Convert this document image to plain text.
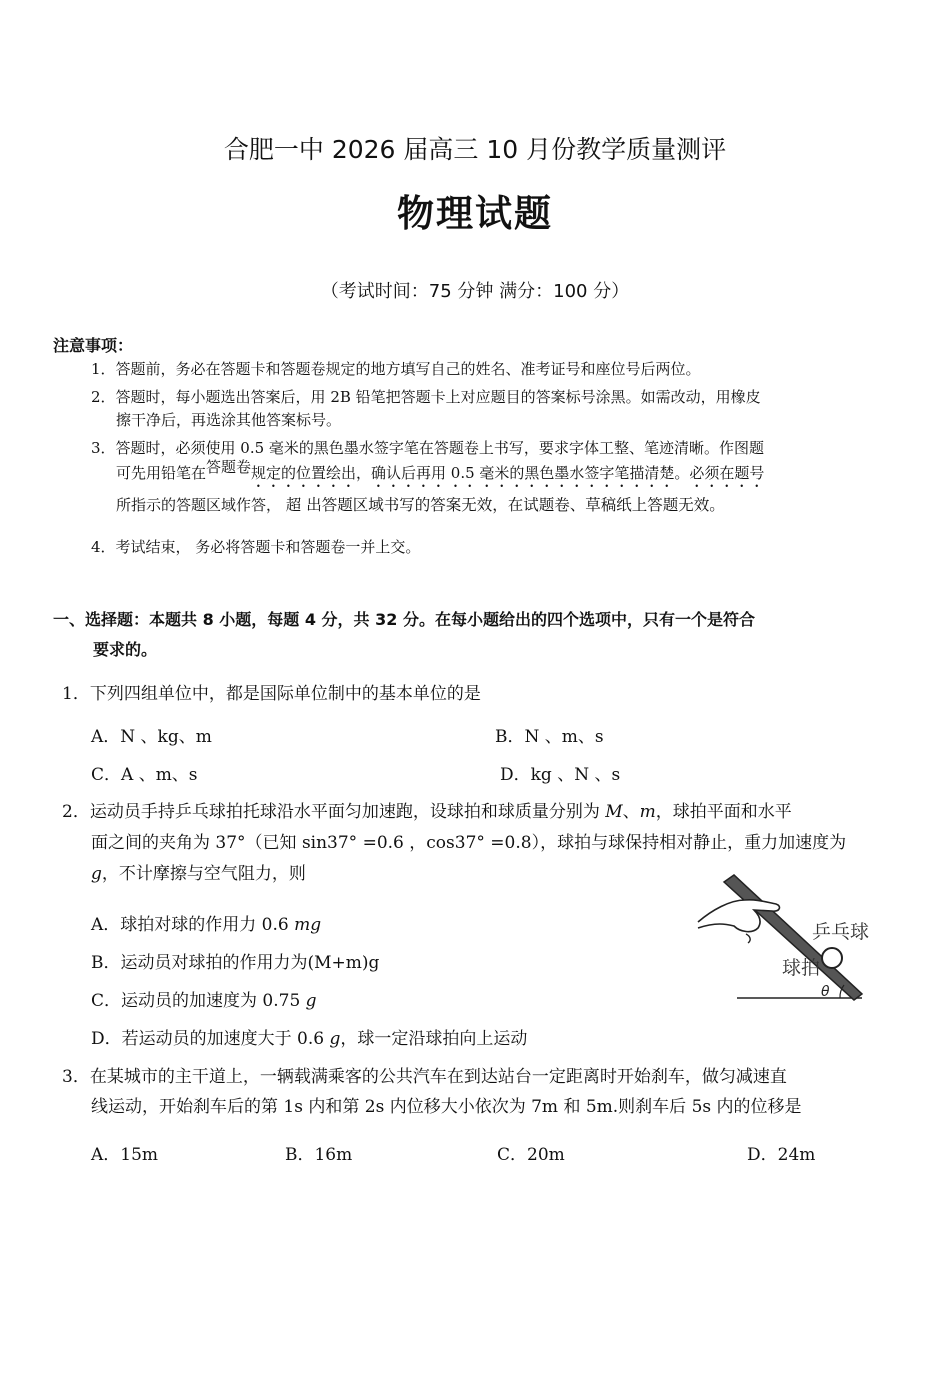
合肥一中 2026 届高三 10 月份教学质量测评
物理试题
（考试时间：75 分钟 满分：100 分）
注意事项：
1．答题前，务必在答题卡和答题卷规定的地方填写自己的姓名、准考证号和座位号后两位。
2．答题时，每小题选出答案后，用 2B 铅笔把答题卡上对应题目的答案标号涂黑。如需改动，用橡皮
擦干净后，再选涂其他答案标号。
3．答题时，必须使用 0.5 毫米的黑色墨水签字笔在答题卷上书写，要求字体工整、笔迹清晰。作图题
可先用铅笔在答题卷规定的位置绘出，确认后再用 0.5 毫米的黑色墨水签字笔描清楚。必须在题号
所指示的答题区域作答， 超 出答题区域书写的答案无效，在试题卷、草稿纸上答题无效。
4．考试结束， 务必将答题卡和答题卷一并上交。
一、选择题：本题共 8 小题，每题 4 分，共 32 分。在每小题给出的四个选项中，只有一个是符合
要求的。
1．下列四组单位中，都是国际单位制中的基本单位的是
A．N 、kg、m	B．N 、m、s
C．A 、m、s	D．kg 、N 、s
2．运动员手持乒乓球拍托球沿水平面匀加速跑，设球拍和球质量分别为 M、m，球拍平面和水平
面之间的夹角为 37°（已知 sin37° =0.6 ，cos37° =0.8），球拍与球保持相对静止，重力加速度为
g，不计摩擦与空气阻力，则
A．球拍对球的作用力 0.6 mg
B．运动员对球拍的作用力为(M+m)g
C．运动员的加速度为 0.75 g
D．若运动员的加速度大于 0.6 g，球一定沿球拍向上运动
乒乓球
球拍
θ
3．在某城市的主干道上，一辆载满乘客的公共汽车在到达站台一定距离时开始刹车，做匀减速直
线运动，开始刹车后的第 1s 内和第 2s 内位移大小依次为 7m 和 5m.则刹车后 5s 内的位移是
A．15m	B．16m	C．20m	D．24m
